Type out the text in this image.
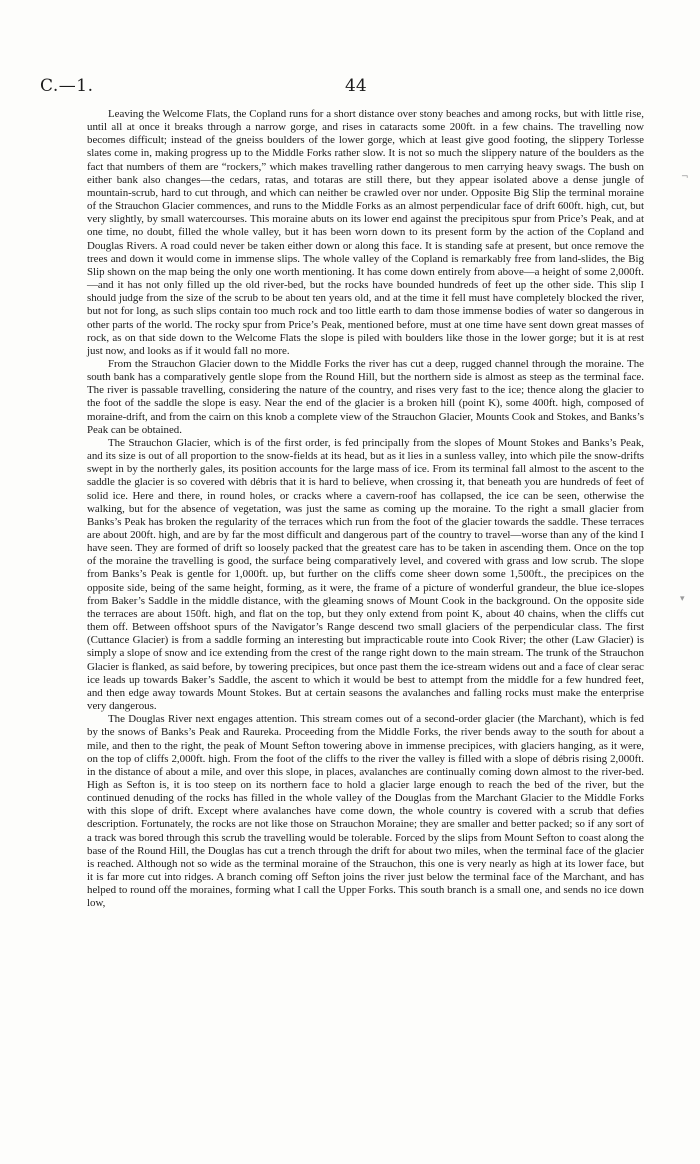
C.—1.	44

Leaving the Welcome Flats, the Copland runs for a short distance over stony beaches and among rocks, but with little rise, until all at once it breaks through a narrow gorge, and rises in cataracts some 200ft. in a few chains. The travelling now becomes difficult; instead of the gneiss boulders of the lower gorge, which at least give good footing, the slippery Torlesse slates come in, making progress up to the Middle Forks rather slow. It is not so much the slippery nature of the boulders as the fact that numbers of them are “rockers,” which makes travelling rather dangerous to men carrying heavy swags. The bush on either bank also changes—the cedars, ratas, and totaras are still there, but they appear isolated above a dense jungle of mountain-scrub, hard to cut through, and which can neither be crawled over nor under. Opposite Big Slip the terminal moraine of the Strauchon Glacier commences, and runs to the Middle Forks as an almost perpendicular face of drift 600ft. high, cut, but very slightly, by small watercourses. This moraine abuts on its lower end against the precipitous spur from Price’s Peak, and at one time, no doubt, filled the whole valley, but it has been worn down to its present form by the action of the Copland and Douglas Rivers. A road could never be taken either down or along this face. It is standing safe at present, but once remove the trees and down it would come in immense slips. The whole valley of the Copland is remarkably free from land-slides, the Big Slip shown on the map being the only one worth mentioning. It has come down entirely from above—a height of some 2,000ft.—and it has not only filled up the old river-bed, but the rocks have bounded hundreds of feet up the other side. This slip I should judge from the size of the scrub to be about ten years old, and at the time it fell must have completely blocked the river, but not for long, as such slips contain too much rock and too little earth to dam those immense bodies of water so dangerous in other parts of the world. The rocky spur from Price’s Peak, mentioned before, must at one time have sent down great masses of rock, as on that side down to the Welcome Flats the slope is piled with boulders like those in the lower gorge; but it is at rest just now, and looks as if it would fall no more.

From the Strauchon Glacier down to the Middle Forks the river has cut a deep, rugged channel through the moraine. The south bank has a comparatively gentle slope from the Round Hill, but the northern side is almost as steep as the terminal face. The river is passable travelling, considering the nature of the country, and rises very fast to the ice; thence along the glacier to the foot of the saddle the slope is easy. Near the end of the glacier is a broken hill (point K), some 400ft. high, composed of moraine-drift, and from the cairn on this knob a complete view of the Strauchon Glacier, Mounts Cook and Stokes, and Banks’s Peak can be obtained.

The Strauchon Glacier, which is of the first order, is fed principally from the slopes of Mount Stokes and Banks’s Peak, and its size is out of all proportion to the snow-fields at its head, but as it lies in a sunless valley, into which pile the snow-drifts swept in by the northerly gales, its position accounts for the large mass of ice. From its terminal fall almost to the ascent to the saddle the glacier is so covered with débris that it is hard to believe, when crossing it, that beneath you are hundreds of feet of solid ice. Here and there, in round holes, or cracks where a cavern-roof has collapsed, the ice can be seen, otherwise the walking, but for the absence of vegetation, was just the same as coming up the moraine. To the right a small glacier from Banks’s Peak has broken the regularity of the terraces which run from the foot of the glacier towards the saddle. These terraces are about 200ft. high, and are by far the most difficult and dangerous part of the country to travel—worse than any of the kind I have seen. They are formed of drift so loosely packed that the greatest care has to be taken in ascending them. Once on the top of the moraine the travelling is good, the surface being comparatively level, and covered with grass and low scrub. The slope from Banks’s Peak is gentle for 1,000ft. up, but further on the cliffs come sheer down some 1,500ft., the precipices on the opposite side, being of the same height, forming, as it were, the frame of a picture of wonderful grandeur, the blue ice-slopes from Baker’s Saddle in the middle distance, with the gleaming snows of Mount Cook in the background. On the opposite side the terraces are about 150ft. high, and flat on the top, but they only extend from point K, about 40 chains, when the cliffs cut them off. Between offshoot spurs of the Navigator’s Range descend two small glaciers of the perpendicular class. The first (Cuttance Glacier) is from a saddle forming an interesting but impracticable route into Cook River; the other (Law Glacier) is simply a slope of snow and ice extending from the crest of the range right down to the main stream. The trunk of the Strauchon Glacier is flanked, as said before, by towering precipices, but once past them the ice-stream widens out and a face of clear serac ice leads up towards Baker’s Saddle, the ascent to which it would be best to attempt from the middle for a few hundred feet, and then edge away towards Mount Stokes. But at certain seasons the avalanches and falling rocks must make the enterprise very dangerous.

The Douglas River next engages attention. This stream comes out of a second-order glacier (the Marchant), which is fed by the snows of Banks’s Peak and Raureka. Proceeding from the Middle Forks, the river bends away to the south for about a mile, and then to the right, the peak of Mount Sefton towering above in immense precipices, with glaciers hanging, as it were, on the top of cliffs 2,000ft. high. From the foot of the cliffs to the river the valley is filled with a slope of débris rising 2,000ft. in the distance of about a mile, and over this slope, in places, avalanches are continually coming down almost to the river-bed. High as Sefton is, it is too steep on its northern face to hold a glacier large enough to reach the bed of the river, but the continued denuding of the rocks has filled in the whole valley of the Douglas from the Marchant Glacier to the Middle Forks with this slope of drift. Except where avalanches have come down, the whole country is covered with a scrub that defies description. Fortunately, the rocks are not like those on Strauchon Moraine; they are smaller and better packed; so if any sort of a track was bored through this scrub the travelling would be tolerable. Forced by the slips from Mount Sefton to coast along the base of the Round Hill, the Douglas has cut a trench through the drift for about two miles, when the terminal face of the glacier is reached. Although not so wide as the terminal moraine of the Strauchon, this one is very nearly as high at its lower face, but it is far more cut into ridges. A branch coming off Sefton joins the river just below the terminal face of the Marchant, and has helped to round off the moraines, forming what I call the Upper Forks. This south branch is a small one, and sends no ice down low,

¬
▾
